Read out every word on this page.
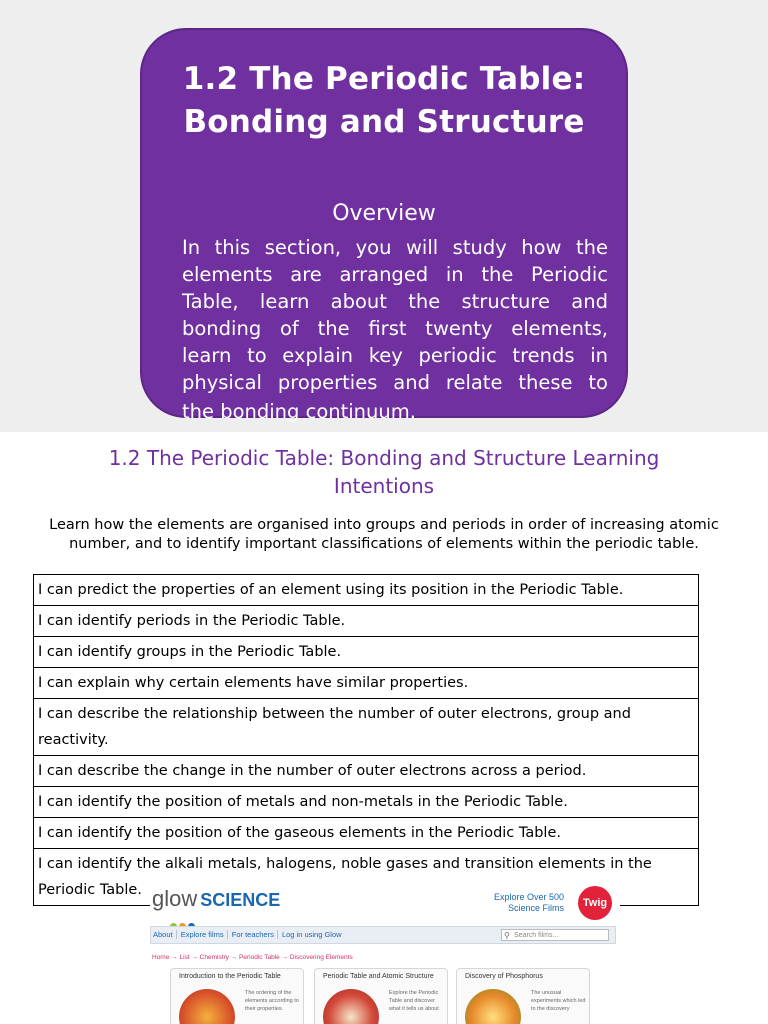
1.2 The Periodic Table:
Bonding and Structure
Overview
In this section, you will study how the
elements are arranged in the Periodic
Table, learn about the structure and
bonding of the first twenty elements,
learn to explain key periodic trends in
physical properties and relate these to
the bonding continuum.
1.2 The Periodic Table: Bonding and Structure Learning
Intentions
Learn how the elements are organised into groups and periods in order of increasing atomic
number, and to identify important classifications of elements within the periodic table.
I can predict the properties of an element using its position in the Periodic Table.
I can identify periods in the Periodic Table.
I can identify groups in the Periodic Table.
I can explain why certain elements have similar properties.
I can describe the relationship between the number of outer electrons, group and reactivity.
I can describe the change in the number of outer electrons across a period.
I can identify the position of metals and non-metals in the Periodic Table.
I can identify the position of the gaseous elements in the Periodic Table.
I can identify the alkali metals, halogens, noble gases and transition elements in the Periodic Table. glow SCIENCE	Explore Over 500
Science Films	Twig
About Explore films For teachers Log in using Glow	⚲ Search films...
Home → List → Chemistry → Periodic Table → Discovering Elements
Introduction to the Periodic Table
The ordering of the elements according to their properties.
Periodic Table and Atomic Structure
Explore the Periodic Table and discover what it tells us about
Discovery of Phosphorus
The unusual experiments which led to the discovery
